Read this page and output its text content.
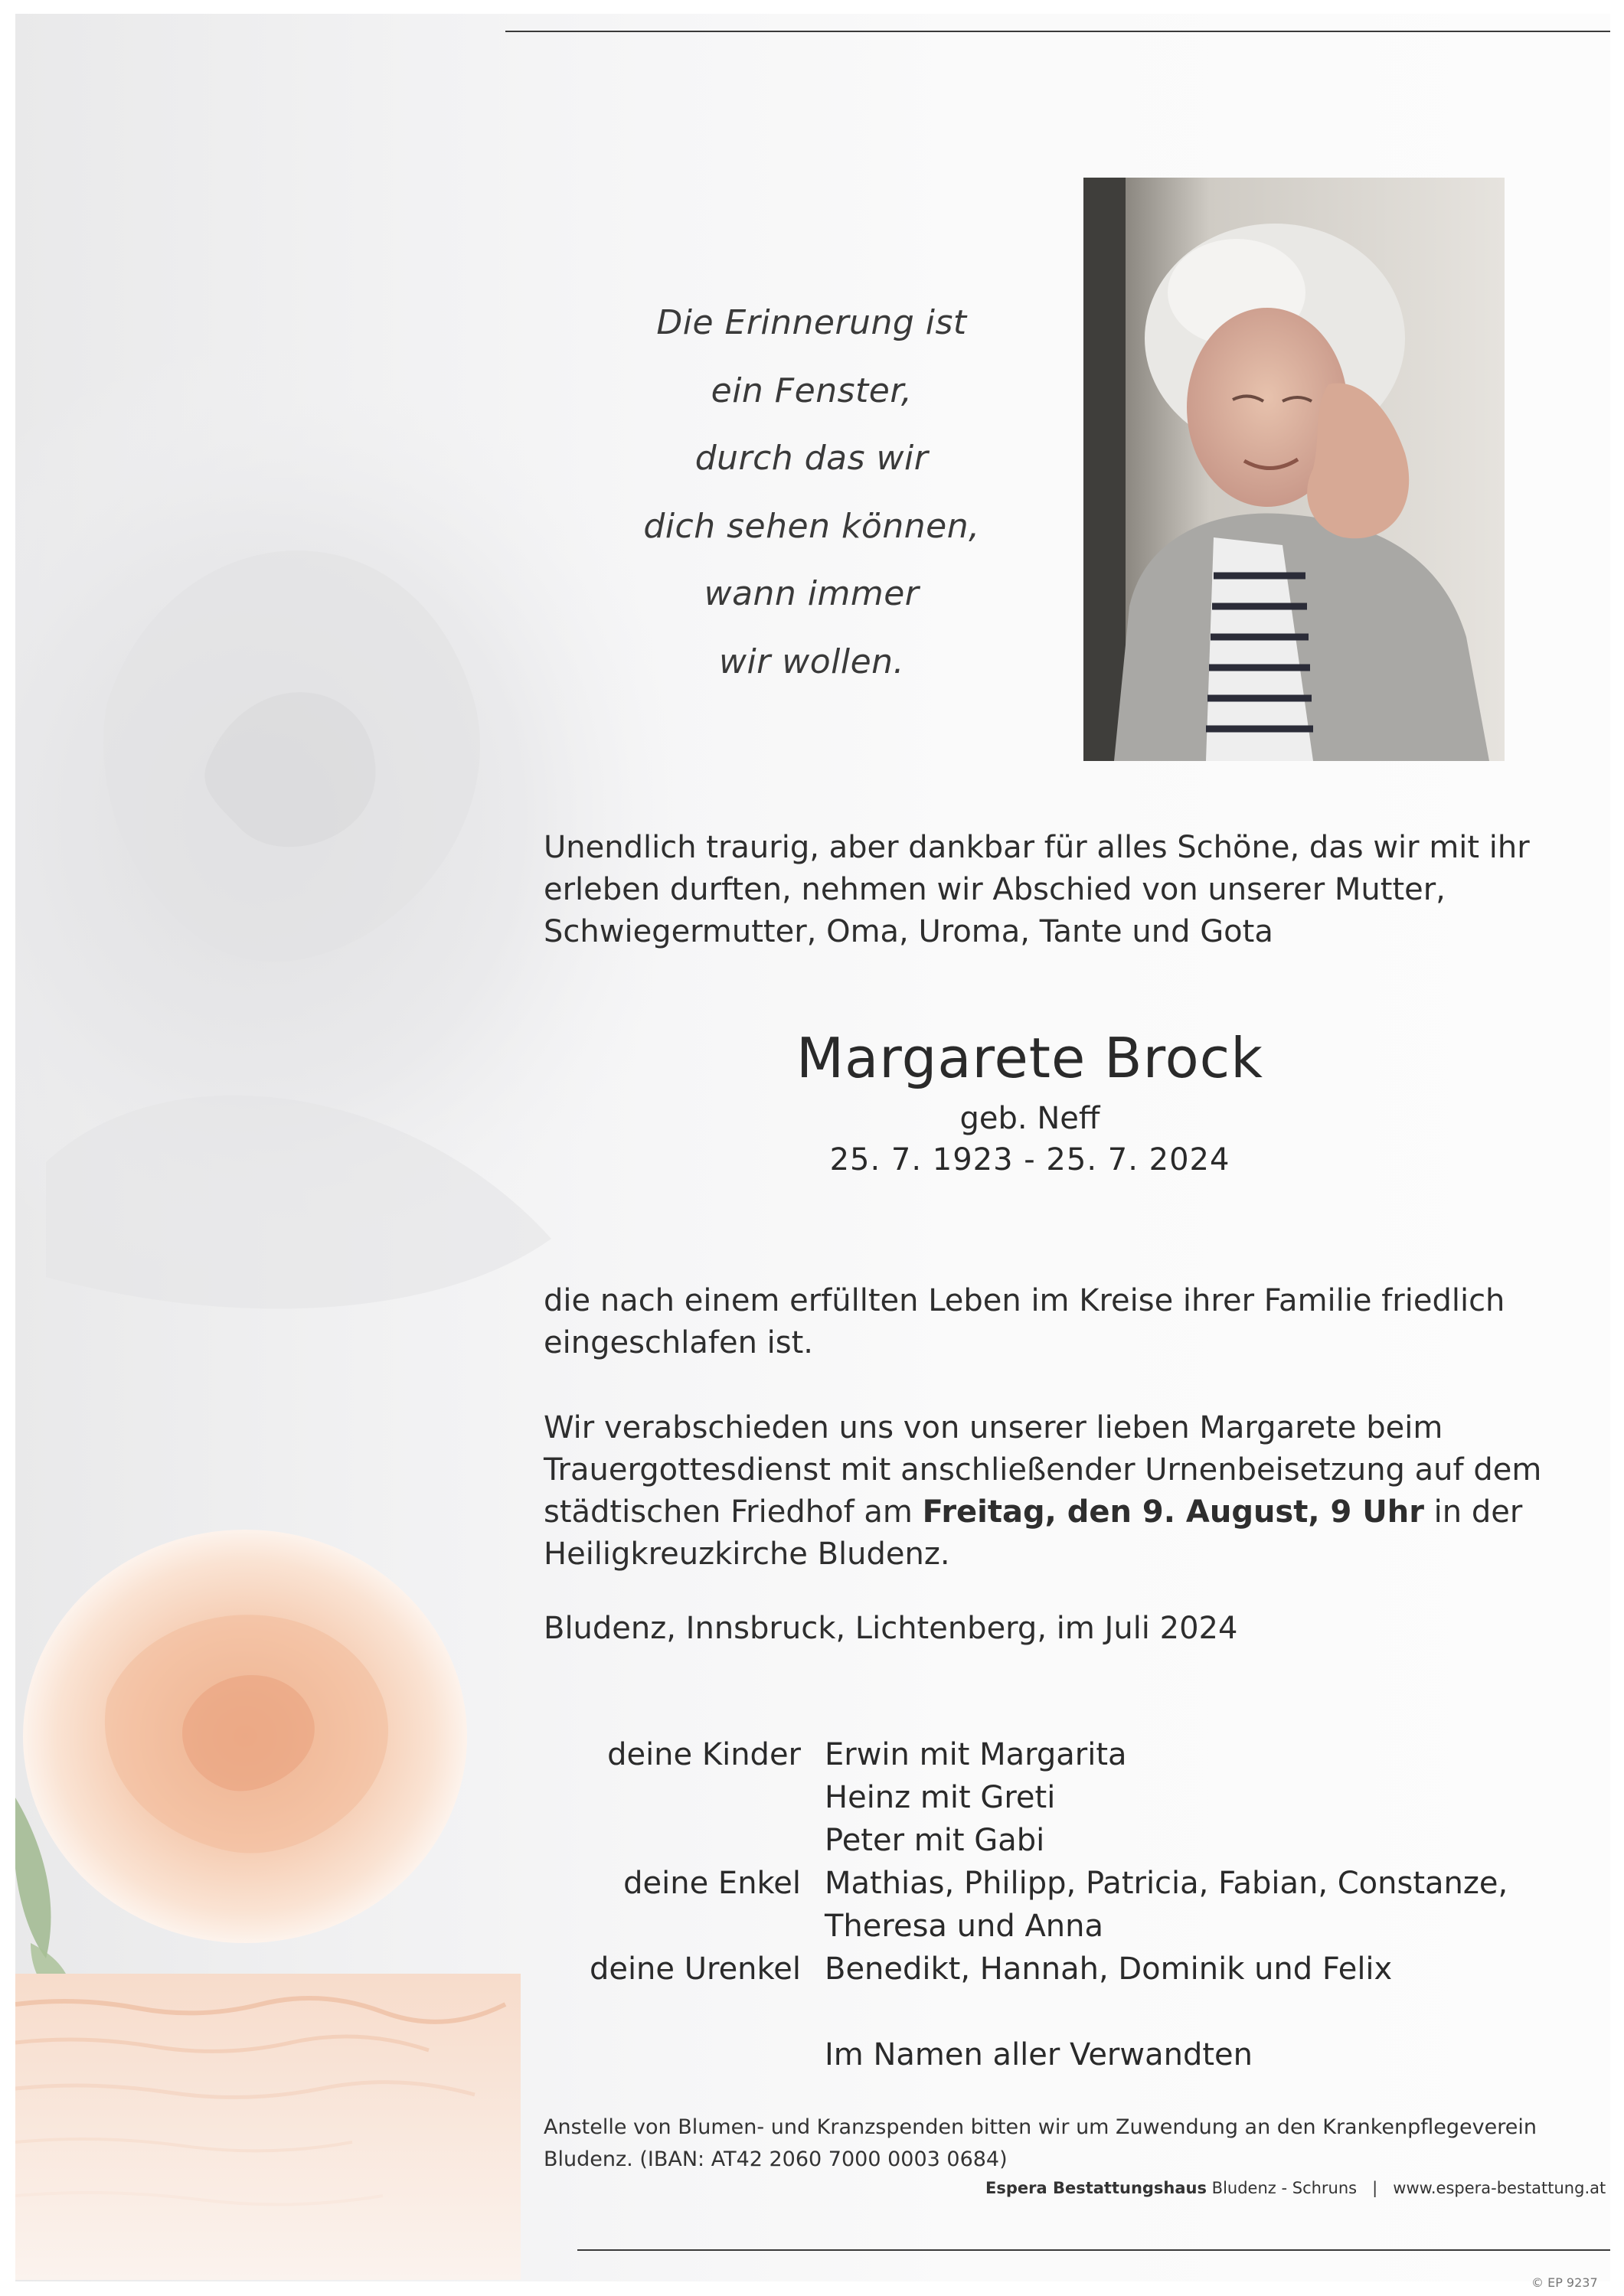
Die Erinnerung ist
ein Fenster,
durch das wir
dich sehen können,
wann immer
wir wollen.
Unendlich traurig, aber dankbar für alles Schöne, das wir mit ihr
erleben durften, nehmen wir Abschied von unserer Mutter,
Schwiegermutter, Oma, Uroma, Tante und Gota
Margarete Brock
geb. Neff
25. 7. 1923 - 25. 7. 2024
die nach einem erfüllten Leben im Kreise ihrer Familie friedlich
eingeschlafen ist.
Wir verabschieden uns von unserer lieben Margarete beim
Trauergottesdienst mit anschließender Urnenbeisetzung auf dem
städtischen Friedhof am Freitag, den 9. August, 9 Uhr in der
Heiligkreuzkirche Bludenz.
Bludenz, Innsbruck, Lichtenberg, im Juli 2024
deine Kinder Erwin mit Margarita
Heinz mit Greti
Peter mit Gabi
deine Enkel Mathias, Philipp, Patricia, Fabian, Constanze,
Theresa und Anna
deine Urenkel Benedikt, Hannah, Dominik und Felix
Im Namen aller Verwandten
Anstelle von Blumen- und Kranzspenden bitten wir um Zuwendung an den Krankenpflegeverein
Bludenz. (IBAN: AT42 2060 7000 0003 0684)
Espera Bestattungshaus Bludenz - Schruns   |   www.espera-bestattung.at
© EP 9237
